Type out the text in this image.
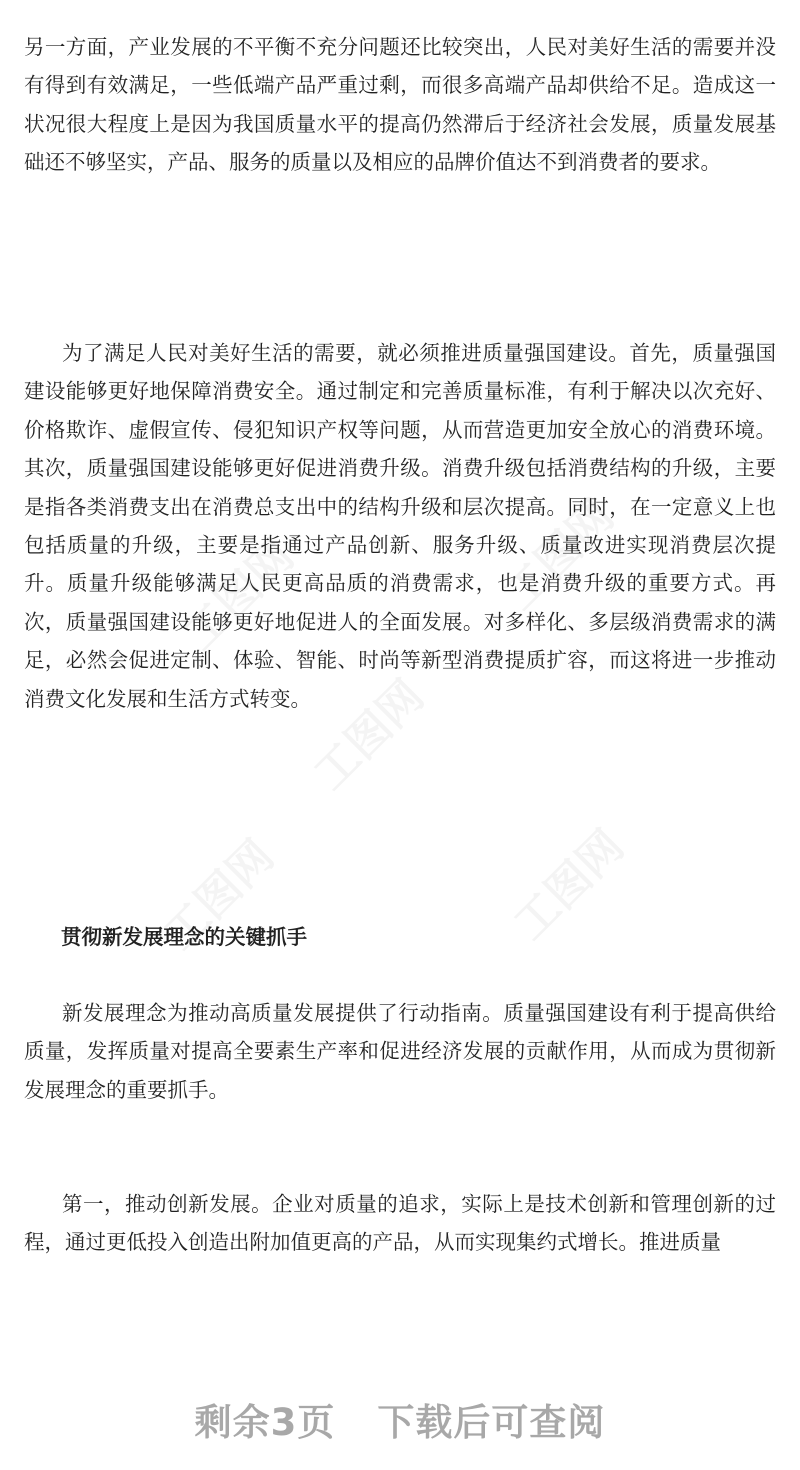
另一方面，产业发展的不平衡不充分问题还比较突出，人民对美好生活的需要并没有得到有效满足，一些低端产品严重过剩，而很多高端产品却供给不足。造成这一状况很大程度上是因为我国质量水平的提高仍然滞后于经济社会发展，质量发展基础还不够坚实，产品、服务的质量以及相应的品牌价值达不到消费者的要求。

为了满足人民对美好生活的需要，就必须推进质量强国建设。首先，质量强国建设能够更好地保障消费安全。通过制定和完善质量标准，有利于解决以次充好、价格欺诈、虚假宣传、侵犯知识产权等问题，从而营造更加安全放心的消费环境。其次，质量强国建设能够更好促进消费升级。消费升级包括消费结构的升级，主要是指各类消费支出在消费总支出中的结构升级和层次提高。同时，在一定意义上也包括质量的升级，主要是指通过产品创新、服务升级、质量改进实现消费层次提升。质量升级能够满足人民更高品质的消费需求，也是消费升级的重要方式。再次，质量强国建设能够更好地促进人的全面发展。对多样化、多层级消费需求的满足，必然会促进定制、体验、智能、时尚等新型消费提质扩容，而这将进一步推动消费文化发展和生活方式转变。

贯彻新发展理念的关键抓手

新发展理念为推动高质量发展提供了行动指南。质量强国建设有利于提高供给质量，发挥质量对提高全要素生产率和促进经济发展的贡献作用，从而成为贯彻新发展理念的重要抓手。

第一，推动创新发展。企业对质量的追求，实际上是技术创新和管理创新的过程，通过更低投入创造出附加值更高的产品，从而实现集约式增长。推进质量

剩余3页 下载后可查阅
